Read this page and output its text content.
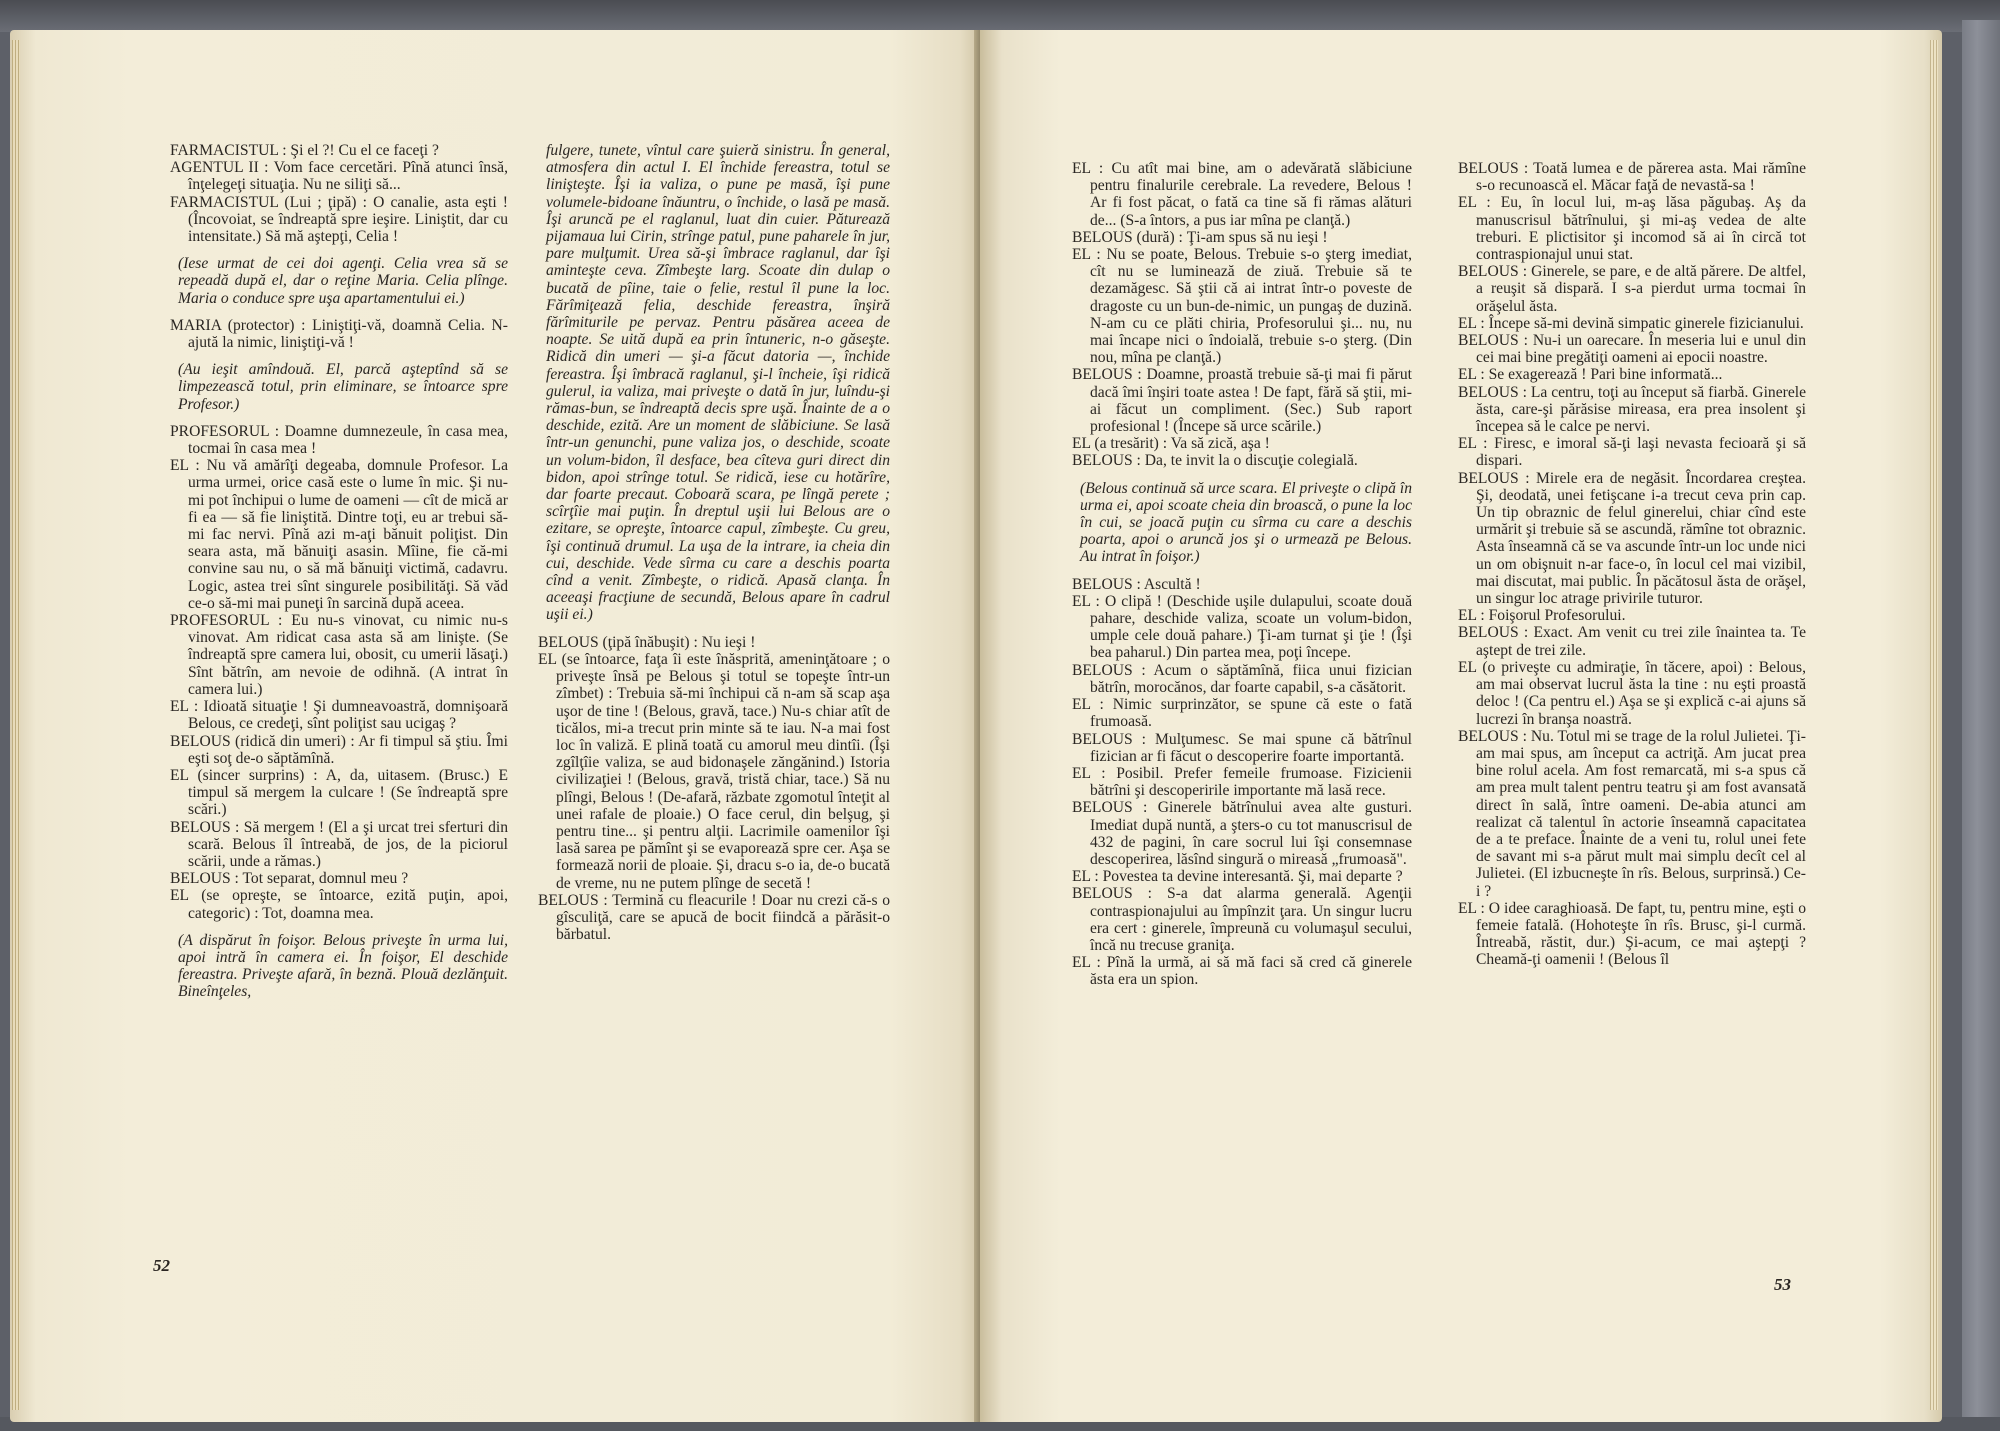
FARMACISTUL : Şi el ?! Cu el ce faceţi ?

AGENTUL II : Vom face cercetări. Pînă atunci însă, înţelegeţi situaţia. Nu ne siliţi să...

FARMACISTUL (Lui ; ţipă) : O canalie, asta eşti ! (Încovoiat, se îndreaptă spre ieşire. Liniştit, dar cu intensitate.) Să mă aştepţi, Celia !

(Iese urmat de cei doi agenţi. Celia vrea să se repeadă după el, dar o reţine Maria. Celia plînge. Maria o conduce spre uşa apartamentului ei.)

MARIA (protector) : Liniştiţi-vă, doamnă Celia. N-ajută la nimic, liniştiţi-vă !

(Au ieşit amîndouă. El, parcă aşteptînd să se limpezească totul, prin eliminare, se întoarce spre Profesor.)

PROFESORUL : Doamne dumnezeule, în casa mea, tocmai în casa mea !

EL : Nu vă amărîţi degeaba, domnule Profesor. La urma urmei, orice casă este o lume în mic. Şi nu-mi pot închipui o lume de oameni — cît de mică ar fi ea — să fie liniştită. Dintre toţi, eu ar trebui să-mi fac nervi. Pînă azi m-aţi bănuit poliţist. Din seara asta, mă bănuiţi asasin. Mîine, fie că-mi convine sau nu, o să mă bănuiţi victimă, cadavru. Logic, astea trei sînt singurele posibilităţi. Să văd ce-o să-mi mai puneţi în sarcină după aceea.

PROFESORUL : Eu nu-s vinovat, cu nimic nu-s vinovat. Am ridicat casa asta să am linişte. (Se îndreaptă spre camera lui, obosit, cu umerii lăsaţi.) Sînt bătrîn, am nevoie de odihnă. (A intrat în camera lui.)

EL : Idioată situaţie ! Şi dumneavoastră, domnişoară Belous, ce credeţi, sînt poliţist sau ucigaş ?

BELOUS (ridică din umeri) : Ar fi timpul să ştiu. Îmi eşti soţ de-o săptămînă.

EL (sincer surprins) : A, da, uitasem. (Brusc.) E timpul să mergem la culcare ! (Se îndreaptă spre scări.)

BELOUS : Să mergem ! (El a şi urcat trei sferturi din scară. Belous îl întreabă, de jos, de la piciorul scării, unde a rămas.)

BELOUS : Tot separat, domnul meu ?

EL (se opreşte, se întoarce, ezită puţin, apoi, categoric) : Tot, doamna mea.

(A dispărut în foişor. Belous priveşte în urma lui, apoi intră în camera ei. În foişor, El deschide fereastra. Priveşte afară, în beznă. Plouă dezlănţuit. Bineînţeles,

fulgere, tunete, vîntul care şuieră sinistru. În general, atmosfera din actul I. El închide fereastra, totul se linişteşte. Îşi ia valiza, o pune pe masă, îşi pune volumele-bidoane înăuntru, o închide, o lasă pe masă. Îşi aruncă pe el raglanul, luat din cuier. Păturează pijamaua lui Cirin, strînge patul, pune paharele în jur, pare mulţumit. Urea să-şi îmbrace raglanul, dar îşi aminteşte ceva. Zîmbeşte larg. Scoate din dulap o bucată de pîine, taie o felie, restul îl pune la loc. Fărîmiţează felia, deschide fereastra, înşiră fărîmiturile pe pervaz. Pentru păsărea aceea de noapte. Se uită după ea prin întuneric, n-o găseşte. Ridică din umeri — şi-a făcut datoria —, închide fereastra. Îşi îmbracă raglanul, şi-l încheie, îşi ridică gulerul, ia valiza, mai priveşte o dată în jur, luîndu-şi rămas-bun, se îndreaptă decis spre uşă. Înainte de a o deschide, ezită. Are un moment de slăbiciune. Se lasă într-un genunchi, pune valiza jos, o deschide, scoate un volum-bidon, îl desface, bea cîteva guri direct din bidon, apoi strînge totul. Se ridică, iese cu hotărîre, dar foarte precaut. Coboară scara, pe lîngă perete ; scîrţîie mai puţin. În dreptul uşii lui Belous are o ezitare, se opreşte, întoarce capul, zîmbeşte. Cu greu, îşi continuă drumul. La uşa de la intrare, ia cheia din cui, deschide. Vede sîrma cu care a deschis poarta cînd a venit. Zîmbeşte, o ridică. Apasă clanţa. În aceeaşi fracţiune de secundă, Belous apare în cadrul uşii ei.)

BELOUS (ţipă înăbuşit) : Nu ieşi !

EL (se întoarce, faţa îi este înăsprită, ameninţătoare ; o priveşte însă pe Belous şi totul se topeşte într-un zîmbet) : Trebuia să-mi închipui că n-am să scap aşa uşor de tine ! (Belous, gravă, tace.) Nu-s chiar atît de ticălos, mi-a trecut prin minte să te iau. N-a mai fost loc în valiză. E plină toată cu amorul meu dintîi. (Îşi zgîlţîie valiza, se aud bidonaşele zăngănind.) Istoria civilizaţiei ! (Belous, gravă, tristă chiar, tace.) Să nu plîngi, Belous ! (De-afară, răzbate zgomotul înteţit al unei rafale de ploaie.) O face cerul, din belşug, şi pentru tine... şi pentru alţii. Lacrimile oamenilor îşi lasă sarea pe pămînt şi se evaporează spre cer. Aşa se formează norii de ploaie. Şi, dracu s-o ia, de-o bucată de vreme, nu ne putem plînge de secetă !

BELOUS : Termină cu fleacurile ! Doar nu crezi că-s o gîsculiţă, care se apucă de bocit fiindcă a părăsit-o bărbatul.

52

EL : Cu atît mai bine, am o adevărată slăbiciune pentru finalurile cerebrale. La revedere, Belous ! Ar fi fost păcat, o fată ca tine să fi rămas alături de... (S-a întors, a pus iar mîna pe clanţă.)

BELOUS (dură) : Ţi-am spus să nu ieşi !

EL : Nu se poate, Belous. Trebuie s-o şterg imediat, cît nu se luminează de ziuă. Trebuie să te dezamăgesc. Să ştii că ai intrat într-o poveste de dragoste cu un bun-de-nimic, un pungaş de duzină. N-am cu ce plăti chiria, Profesorului şi... nu, nu mai încape nici o îndoială, trebuie s-o şterg. (Din nou, mîna pe clanţă.)

BELOUS : Doamne, proastă trebuie să-ţi mai fi părut dacă îmi înşiri toate astea ! De fapt, fără să ştii, mi-ai făcut un compliment. (Sec.) Sub raport profesional ! (Începe să urce scările.)

EL (a tresărit) : Va să zică, aşa !

BELOUS : Da, te invit la o discuţie colegială.

(Belous continuă să urce scara. El priveşte o clipă în urma ei, apoi scoate cheia din broască, o pune la loc în cui, se joacă puţin cu sîrma cu care a deschis poarta, apoi o aruncă jos şi o urmează pe Belous. Au intrat în foişor.)

BELOUS : Ascultă !

EL : O clipă ! (Deschide uşile dulapului, scoate două pahare, deschide valiza, scoate un volum-bidon, umple cele două pahare.) Ţi-am turnat şi ţie ! (Îşi bea paharul.) Din partea mea, poţi începe.

BELOUS : Acum o săptămînă, fiica unui fizician bătrîn, morocănos, dar foarte capabil, s-a căsătorit.

EL : Nimic surprinzător, se spune că este o fată frumoasă.

BELOUS : Mulţumesc. Se mai spune că bătrînul fizician ar fi făcut o descoperire foarte importantă.

EL : Posibil. Prefer femeile frumoase. Fizicienii bătrîni şi descoperirile importante mă lasă rece.

BELOUS : Ginerele bătrînului avea alte gusturi. Imediat după nuntă, a şters-o cu tot manuscrisul de 432 de pagini, în care socrul lui îşi consemnase descoperirea, lăsînd singură o mireasă „frumoasă".

EL : Povestea ta devine interesantă. Şi, mai departe ?

BELOUS : S-a dat alarma generală. Agenţii contraspionajului au împînzit ţara. Un singur lucru era cert : ginerele, împreună cu volumaşul secului, încă nu trecuse graniţa.

EL : Pînă la urmă, ai să mă faci să cred că ginerele ăsta era un spion.

BELOUS : Toată lumea e de părerea asta. Mai rămîne s-o recunoască el. Măcar faţă de nevastă-sa !

EL : Eu, în locul lui, m-aş lăsa păgubaş. Aş da manuscrisul bătrînului, şi mi-aş vedea de alte treburi. E plictisitor şi incomod să ai în circă tot contraspionajul unui stat.

BELOUS : Ginerele, se pare, e de altă părere. De altfel, a reuşit să dispară. I s-a pierdut urma tocmai în orăşelul ăsta.

EL : Începe să-mi devină simpatic ginerele fizicianului.

BELOUS : Nu-i un oarecare. În meseria lui e unul din cei mai bine pregătiţi oameni ai epocii noastre.

EL : Se exagerează ! Pari bine informată...

BELOUS : La centru, toţi au început să fiarbă. Ginerele ăsta, care-şi părăsise mireasa, era prea insolent şi începea să le calce pe nervi.

EL : Firesc, e imoral să-ţi laşi nevasta fecioară şi să dispari.

BELOUS : Mirele era de negăsit. Încordarea creştea. Şi, deodată, unei fetişcane i-a trecut ceva prin cap. Un tip obraznic de felul ginerelui, chiar cînd este urmărit şi trebuie să se ascundă, rămîne tot obraznic. Asta înseamnă că se va ascunde într-un loc unde nici un om obişnuit n-ar face-o, în locul cel mai vizibil, mai discutat, mai public. În păcătosul ăsta de orăşel, un singur loc atrage privirile tuturor.

EL : Foişorul Profesorului.

BELOUS : Exact. Am venit cu trei zile înaintea ta. Te aştept de trei zile.

EL (o priveşte cu admiraţie, în tăcere, apoi) : Belous, am mai observat lucrul ăsta la tine : nu eşti proastă deloc ! (Ca pentru el.) Aşa se şi explică c-ai ajuns să lucrezi în branşa noastră.

BELOUS : Nu. Totul mi se trage de la rolul Julietei. Ţi-am mai spus, am început ca actriţă. Am jucat prea bine rolul acela. Am fost remarcată, mi s-a spus că am prea mult talent pentru teatru şi am fost avansată direct în sală, între oameni. De-abia atunci am realizat că talentul în actorie înseamnă capacitatea de a te preface. Înainte de a veni tu, rolul unei fete de savant mi s-a părut mult mai simplu decît cel al Julietei. (El izbucneşte în rîs. Belous, surprinsă.) Ce-i ?

EL : O idee caraghioasă. De fapt, tu, pentru mine, eşti o femeie fatală. (Hohoteşte în rîs. Brusc, şi-l curmă. Întreabă, răstit, dur.) Şi-acum, ce mai aştepţi ? Cheamă-ţi oamenii ! (Belous îl

53
